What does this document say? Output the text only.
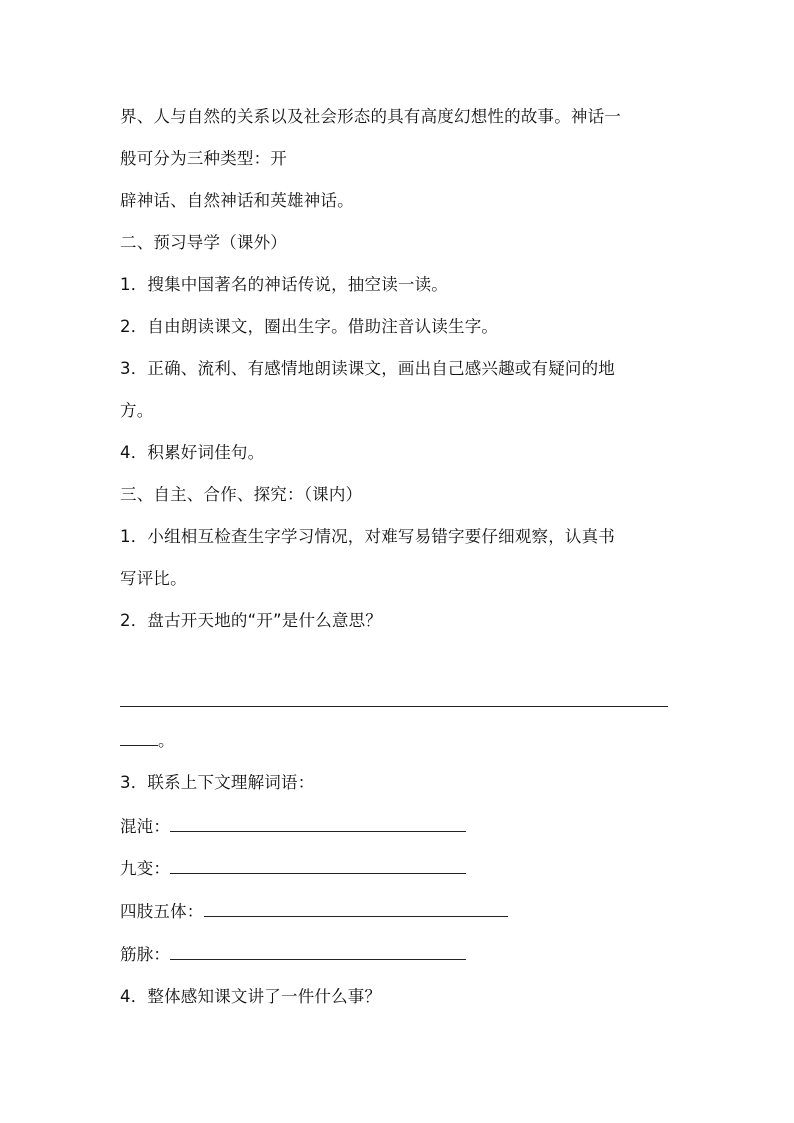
界、人与自然的关系以及社会形态的具有高度幻想性的故事。神话一
般可分为三种类型：开
辟神话、自然神话和英雄神话。
二、预习导学（课外）
1．搜集中国著名的神话传说，抽空读一读。
2．自由朗读课文，圈出生字。借助注音认读生字。
3．正确、流利、有感情地朗读课文，画出自己感兴趣或有疑问的地
方。
4．积累好词佳句。
三、自主、合作、探究：（课内）
1．小组相互检查生字学习情况，对难写易错字要仔细观察，认真书
写评比。
2．盘古开天地的“开”是什么意思？
。
3．联系上下文理解词语：
混沌：
九变：
四肢五体：
筋脉：
4．整体感知课文讲了一件什么事？
